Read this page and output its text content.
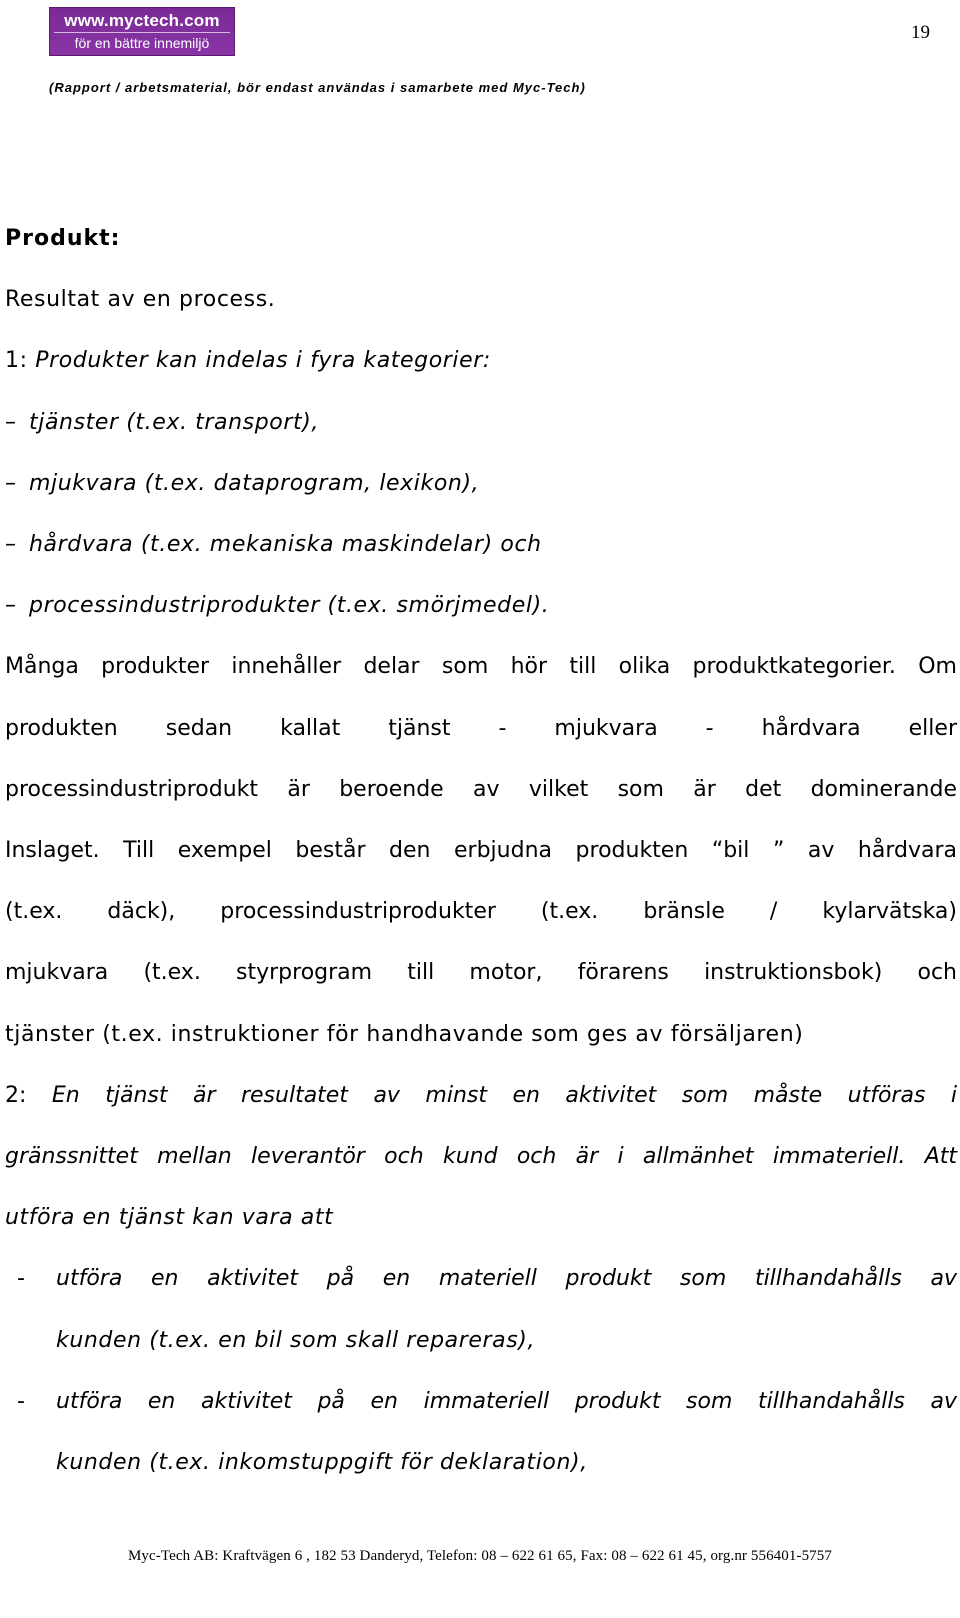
www.myctech.com
för en bättre innemiljö	19
(Rapport / arbetsmaterial, bör endast användas i samarbete med Myc-Tech)
Produkt:
Resultat av en process.
1: Produkter kan indelas i fyra kategorier:
– tjänster (t.ex. transport),
– mjukvara (t.ex. dataprogram, lexikon),
– hårdvara (t.ex. mekaniska maskindelar) och
– processindustriprodukter (t.ex. smörjmedel).
Många produkter innehåller delar som hör till olika produktkategorier. Om
produkten sedan kallat tjänst - mjukvara - hårdvara eller
processindustriprodukt är beroende av vilket som är det dominerande
Inslaget. Till exempel består den erbjudna produkten “bil ” av hårdvara
(t.ex. däck), processindustriprodukter (t.ex. bränsle / kylarvätska)
mjukvara (t.ex. styrprogram till motor, förarens instruktionsbok) och
tjänster (t.ex. instruktioner för handhavande som ges av försäljaren)
2: En tjänst är resultatet av minst en aktivitet som måste utföras i
gränssnittet mellan leverantör och kund och är i allmänhet immateriell. Att
utföra en tjänst kan vara att
-	utföra en aktivitet på en materiell produkt som tillhandahålls av
kunden (t.ex. en bil som skall repareras),
-	utföra en aktivitet på en immateriell produkt som tillhandahålls av
kunden (t.ex. inkomstuppgift för deklaration),
Myc-Tech AB: Kraftvägen 6 , 182 53 Danderyd, Telefon: 08 – 622 61 65, Fax: 08 – 622 61 45, org.nr 556401-5757
